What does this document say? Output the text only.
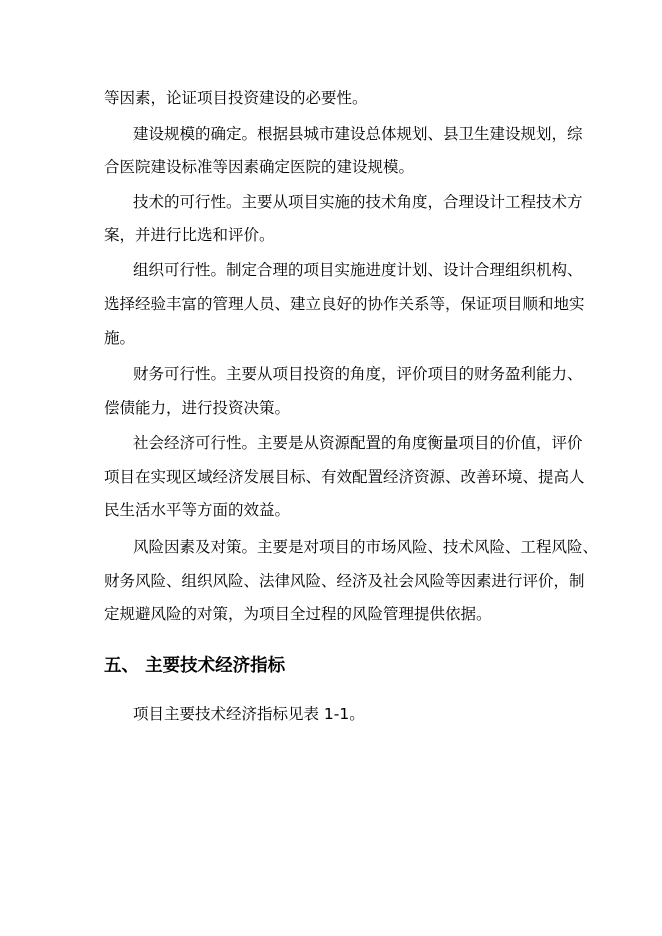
等因素，论证项目投资建设的必要性。
建设规模的确定。根据县城市建设总体规划、县卫生建设规划，综
合医院建设标准等因素确定医院的建设规模。
技术的可行性。主要从项目实施的技术角度，合理设计工程技术方
案，并进行比选和评价。
组织可行性。制定合理的项目实施进度计划、设计合理组织机构、
选择经验丰富的管理人员、建立良好的协作关系等，保证项目顺和地实
施。
财务可行性。主要从项目投资的角度，评价项目的财务盈利能力、
偿债能力，进行投资决策。
社会经济可行性。主要是从资源配置的角度衡量项目的价值，评价
项目在实现区域经济发展目标、有效配置经济资源、改善环境、提高人
民生活水平等方面的效益。
风险因素及对策。主要是对项目的市场风险、技术风险、工程风险、
财务风险、组织风险、法律风险、经济及社会风险等因素进行评价，制
定规避风险的对策，为项目全过程的风险管理提供依据。
五、 主要技术经济指标
项目主要技术经济指标见表 1-1。
